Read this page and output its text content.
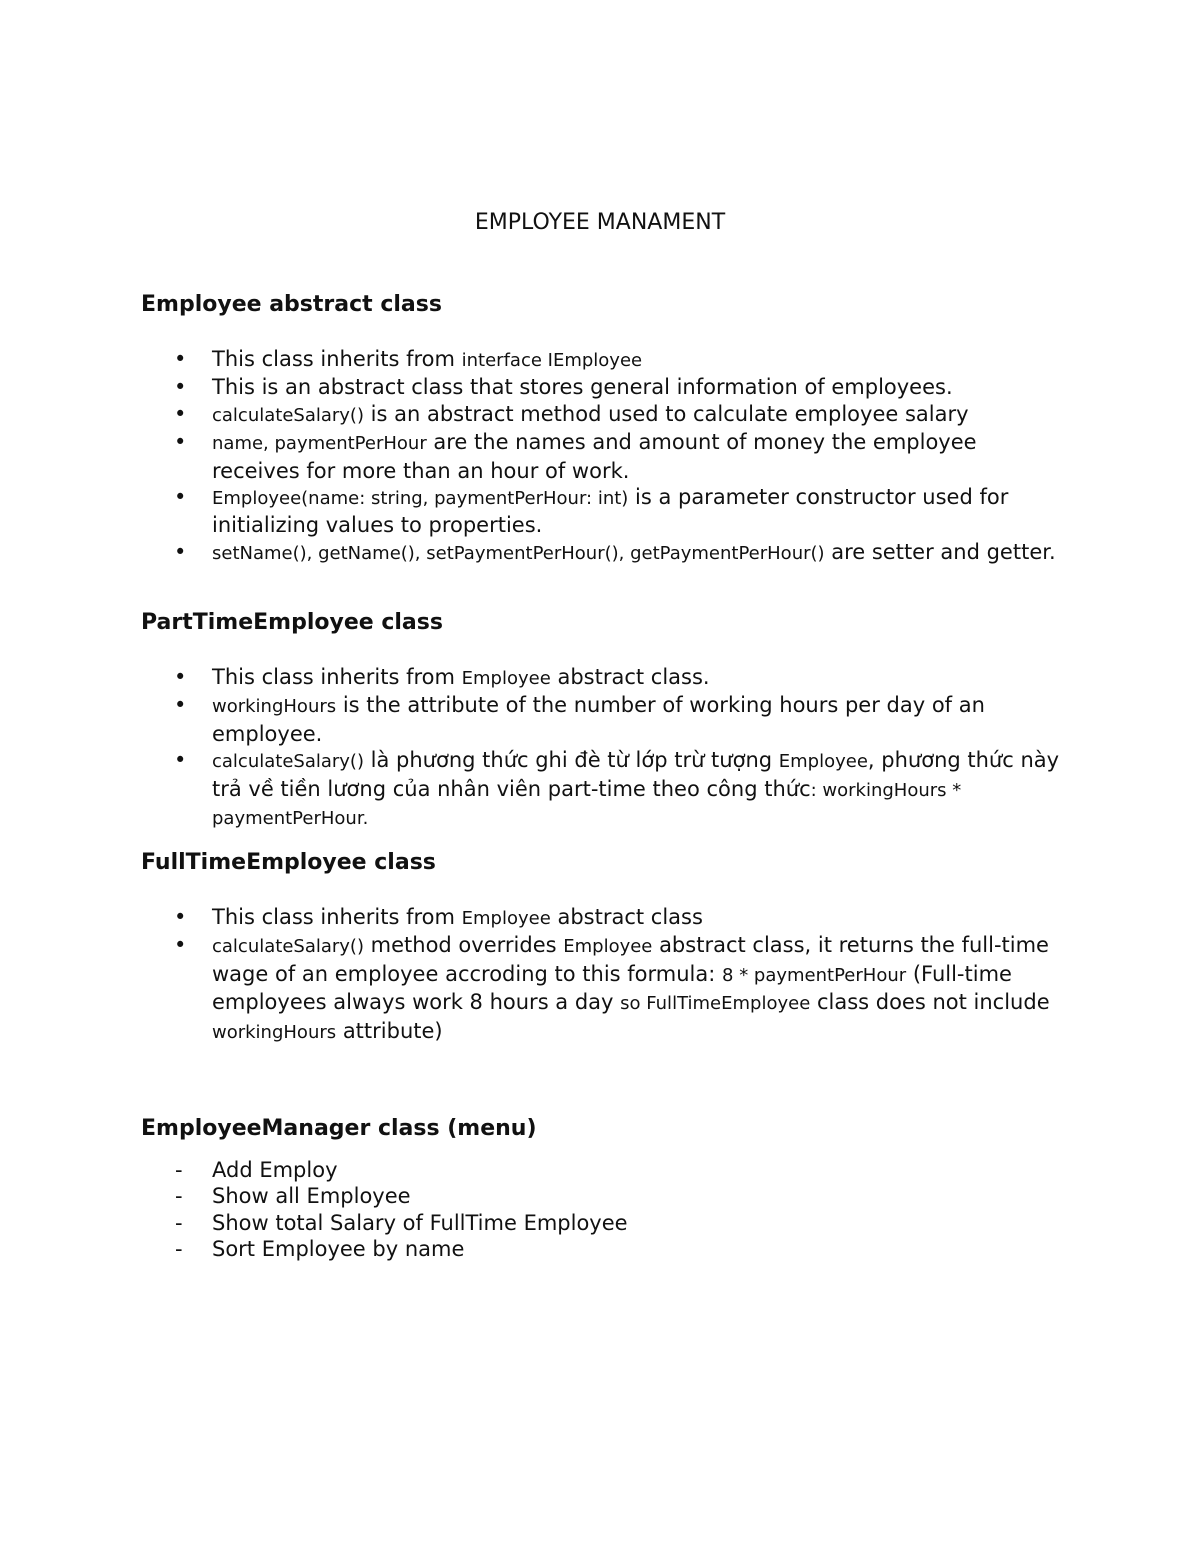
EMPLOYEE MANAMENT
Employee abstract class
• This class inherits from interface IEmployee
• This is an abstract class that stores general information of employees.
• calculateSalary() is an abstract method used to calculate employee salary
• name, paymentPerHour are the names and amount of money the employee receives for more than an hour of work.
• Employee(name: string, paymentPerHour: int) is a parameter constructor used for initializing values to properties.
• setName(), getName(), setPaymentPerHour(), getPaymentPerHour() are setter and getter.
PartTimeEmployee class
• This class inherits from Employee abstract class.
• workingHours is the attribute of the number of working hours per day of an employee.
• calculateSalary() là phương thức ghi đè từ lớp trừ tượng Employee, phương thức này trả về tiền lương của nhân viên part-time theo công thức: workingHours * paymentPerHour.
FullTimeEmployee class
• This class inherits from Employee abstract class
• calculateSalary() method overrides Employee abstract class, it returns the full-time wage of an employee accroding to this formula: 8 * paymentPerHour (Full-time employees always work 8 hours a day so FullTimeEmployee class does not include workingHours attribute)
EmployeeManager class (menu)
- Add Employ
- Show all Employee
- Show total Salary of FullTime Employee
- Sort Employee by name
